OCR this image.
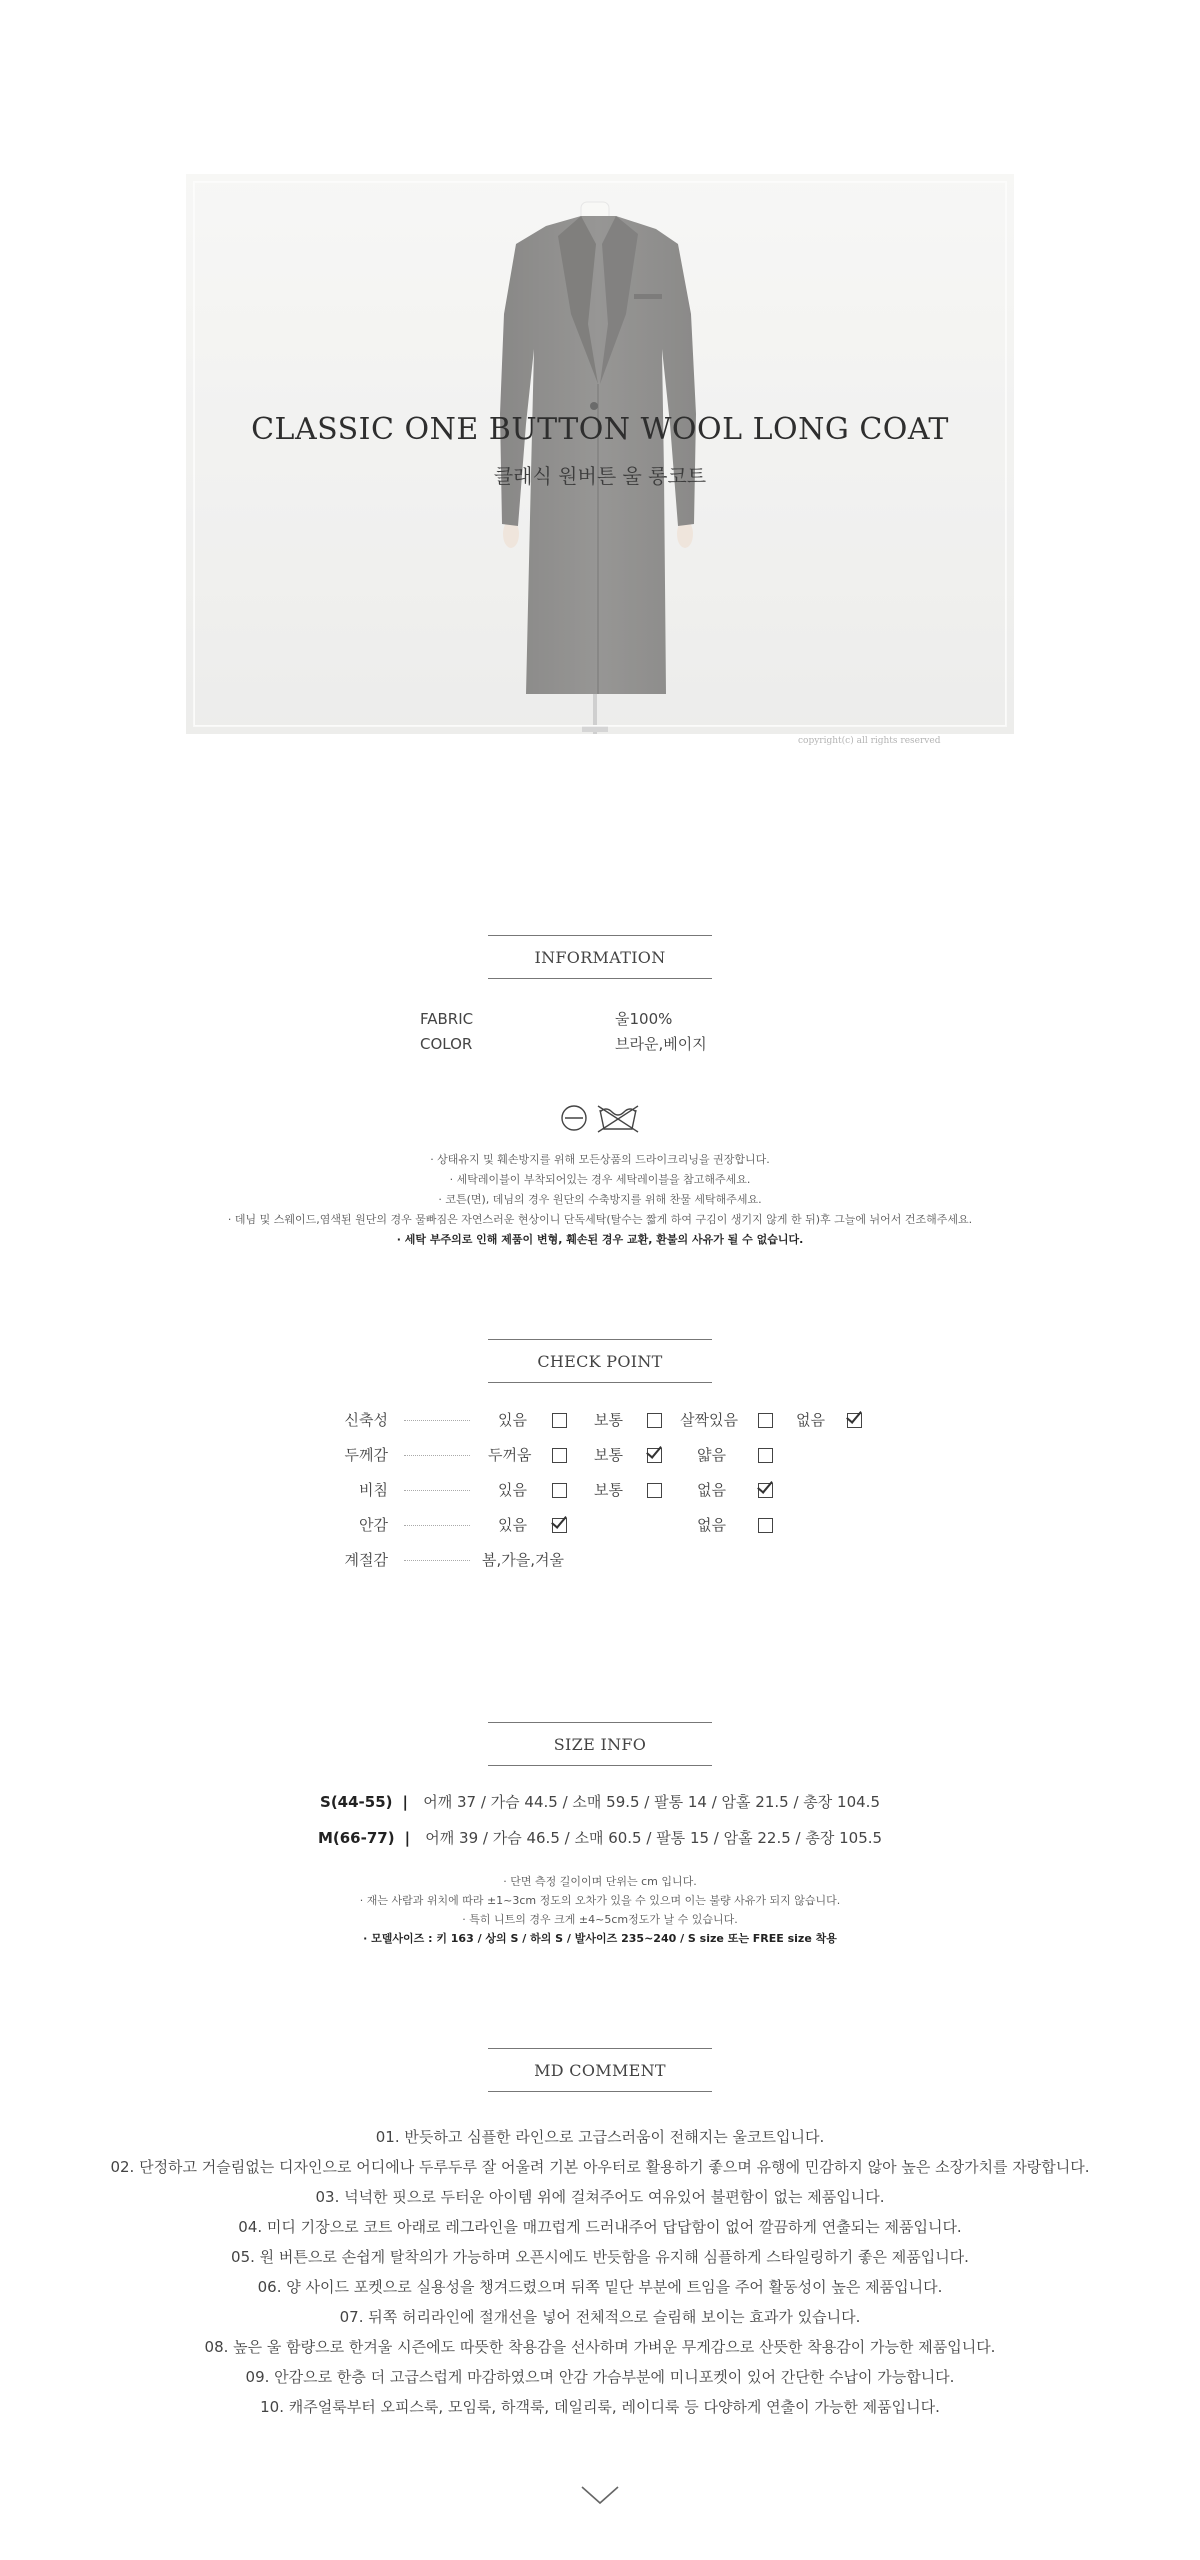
CLASSIC ONE BUTTON WOOL LONG COAT
클래식 원버튼 울 롱코트
copyright(c) all rights reserved
INFORMATION
FABRIC	울100%
COLOR	브라운,베이지
· 상태유지 및 훼손방지를 위해 모든상품의 드라이크리닝을 권장합니다.
· 세탁레이블이 부착되어있는 경우 세탁레이블을 참고해주세요.
· 코튼(면), 데님의 경우 원단의 수축방지를 위해 찬물 세탁해주세요.
· 데님 및 스웨이드,염색된 원단의 경우 물빠짐은 자연스러운 현상이니 단독세탁(탈수는 짧게 하여 구김이 생기지 않게 한 뒤)후 그늘에 뉘어서 건조해주세요.
· 세탁 부주의로 인해 제품이 변형, 훼손된 경우 교환, 환불의 사유가 될 수 없습니다.
CHECK POINT
신축성	있음	보통	살짝있음	없음
두께감	두꺼움	보통	얇음
비침	있음	보통	없음
안감	있음	없음
계절감	봄,가을,겨울
SIZE INFO
S(44-55)  |   어깨 37 / 가슴 44.5 / 소매 59.5 / 팔통 14 / 암홀 21.5 / 총장 104.5
M(66-77)  |   어깨 39 / 가슴 46.5 / 소매 60.5 / 팔통 15 / 암홀 22.5 / 총장 105.5
· 단면 측정 길이이며 단위는 cm 입니다.
· 재는 사람과 위치에 따라 ±1~3cm 정도의 오차가 있을 수 있으며 이는 불량 사유가 되지 않습니다.
· 특히 니트의 경우 크게 ±4~5cm정도가 날 수 있습니다.
· 모델사이즈 : 키 163 / 상의 S / 하의 S / 발사이즈 235~240 / S size 또는 FREE size 착용
MD COMMENT
01. 반듯하고 심플한 라인으로 고급스러움이 전해지는 울코트입니다.
02. 단정하고 거슬림없는 디자인으로 어디에나 두루두루 잘 어울려 기본 아우터로 활용하기 좋으며 유행에 민감하지 않아 높은 소장가치를 자랑합니다.
03. 넉넉한 핏으로 두터운 아이템 위에 걸쳐주어도 여유있어 불편함이 없는 제품입니다.
04. 미디 기장으로 코트 아래로 레그라인을 매끄럽게 드러내주어 답답함이 없어 깔끔하게 연출되는 제품입니다.
05. 원 버튼으로 손쉽게 탈착의가 가능하며 오픈시에도 반듯함을 유지해 심플하게 스타일링하기 좋은 제품입니다.
06. 양 사이드 포켓으로 실용성을 챙겨드렸으며 뒤쪽 밑단 부분에 트임을 주어 활동성이 높은 제품입니다.
07. 뒤쪽 허리라인에 절개선을 넣어 전체적으로 슬림해 보이는 효과가 있습니다.
08. 높은 울 함량으로 한겨울 시즌에도 따뜻한 착용감을 선사하며 가벼운 무게감으로 산뜻한 착용감이 가능한 제품입니다.
09. 안감으로 한층 더 고급스럽게 마감하였으며 안감 가슴부분에 미니포켓이 있어 간단한 수납이 가능합니다.
10. 캐주얼룩부터 오피스룩, 모임룩, 하객룩, 데일리룩, 레이디룩 등 다양하게 연출이 가능한 제품입니다.
